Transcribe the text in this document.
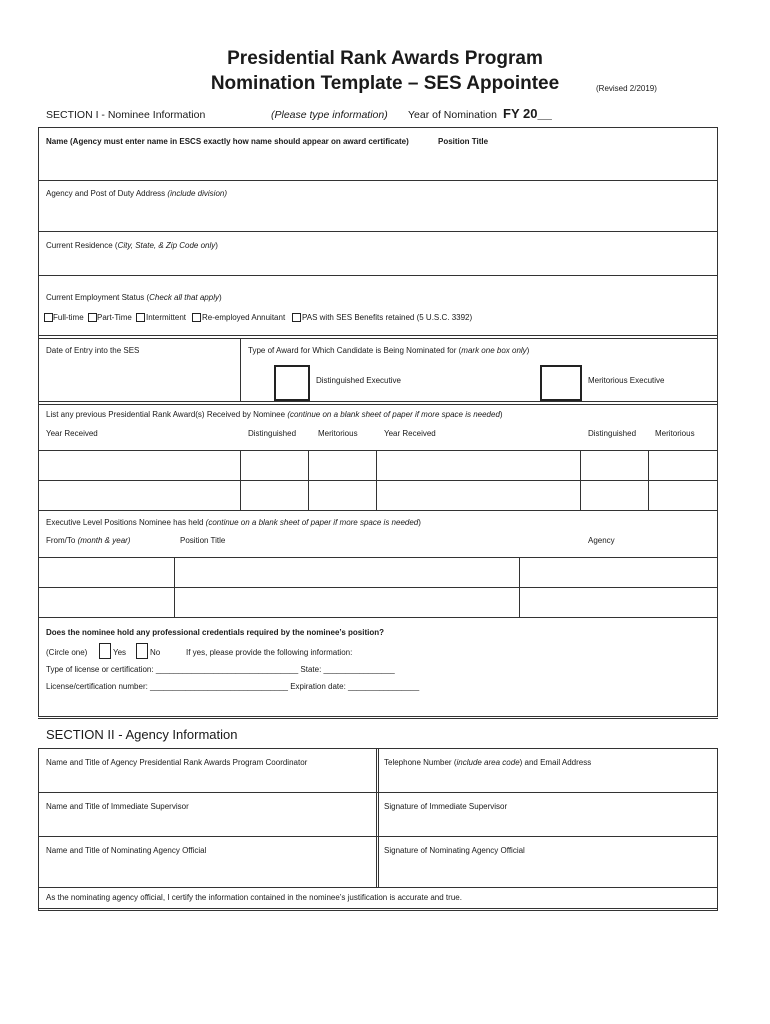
Presidential Rank Awards Program
Nomination Template – SES Appointee	(Revised 2/2019)
SECTION I - Nominee Information	(Please type information) Year of Nomination FY 20__
Name (Agency must enter name in ESCS exactly how name should appear on award certificate)	Position Title
Agency and Post of Duty Address (include division)
Current Residence (City, State, & Zip Code only)
Current Employment Status (Check all that apply)
Full-time Part-Time Intermittent Re-employed Annuitant PAS with SES Benefits retained (5 U.S.C. 3392)
Date of Entry into the SES	Type of Award for Which Candidate is Being Nominated for (mark one box only)
Distinguished Executive	Meritorious Executive
List any previous Presidential Rank Award(s) Received by Nominee (continue on a blank sheet of paper if more space is needed)
Year Received	Distinguished	Meritorious	Year Received	Distinguished Meritorious
Executive Level Positions Nominee has held (continue on a blank sheet of paper if more space is needed)
From/To (month & year)	Position Title	Agency
Does the nominee hold any professional credentials required by the nominee’s position?
(Circle one)	Yes	No	If yes, please provide the following information:
Type of license or certification: ________________________________ State: ________________
License/certification number: _______________________________ Expiration date: ________________
SECTION II - Agency Information
Name and Title of Agency Presidential Rank Awards Program Coordinator	Telephone Number (include area code) and Email Address
Name and Title of Immediate Supervisor	Signature of Immediate Supervisor
Name and Title of Nominating Agency Official	Signature of Nominating Agency Official
As the nominating agency official, I certify the information contained in the nominee’s justification is accurate and true.
